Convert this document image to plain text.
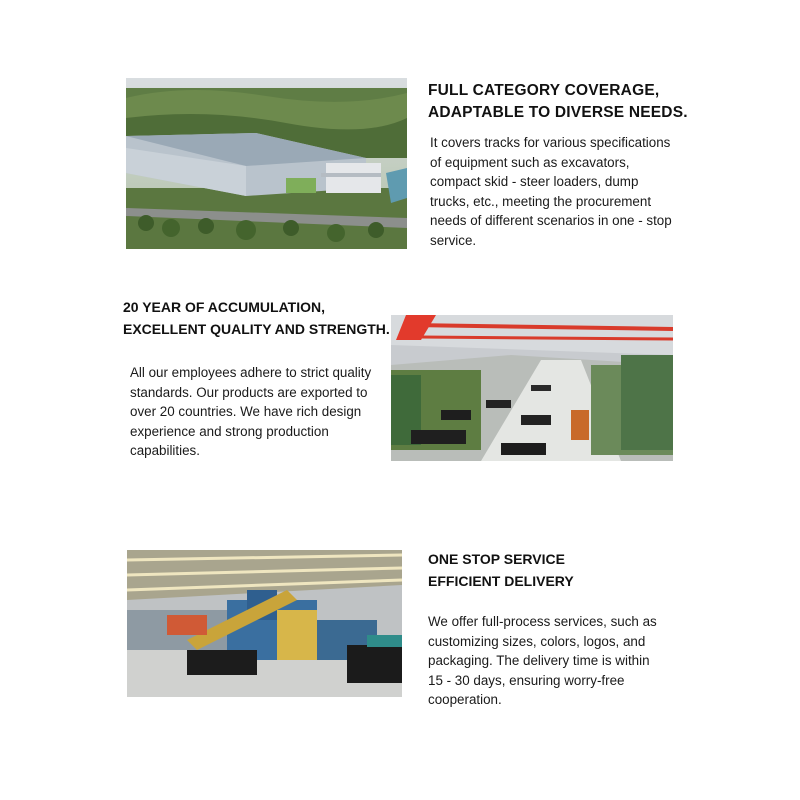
FULL CATEGORY COVERAGE,
ADAPTABLE TO DIVERSE NEEDS.

It covers tracks for various specifications of equipment such as excavators, compact skid - steer loaders, dump trucks, etc., meeting the procurement needs of different scenarios in one - stop service.

20 YEAR OF ACCUMULATION,
EXCELLENT QUALITY AND STRENGTH.

All our employees adhere to strict quality standards. Our products are exported to over 20 countries. We have rich design experience and strong production capabilities.

ONE STOP SERVICE
EFFICIENT DELIVERY

We offer full-process services, such as customizing sizes, colors, logos, and packaging. The delivery time is within 15 - 30 days, ensuring worry-free cooperation.
